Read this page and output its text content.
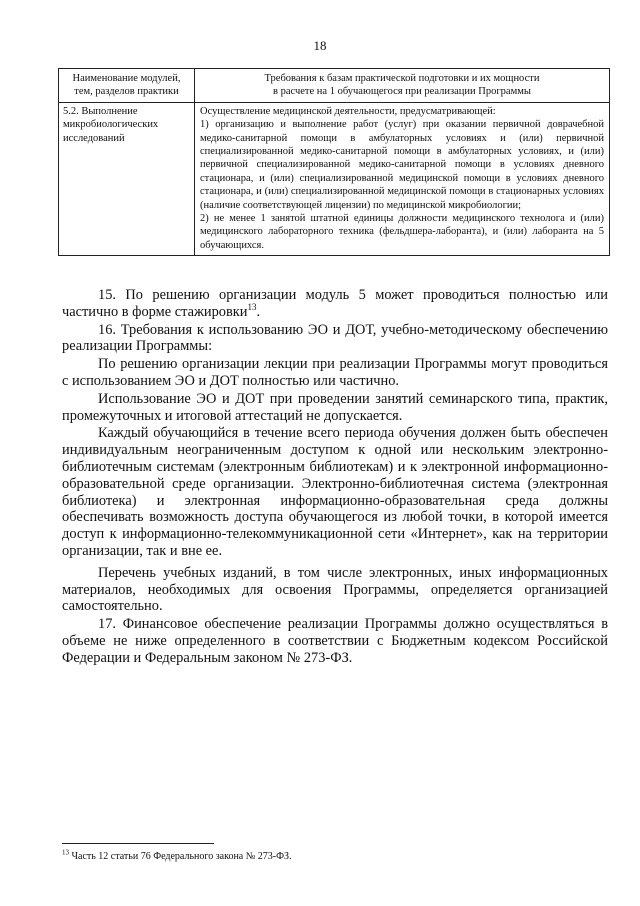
18
Наименование модулей, тем, разделов практики	Требования к базам практической подготовки и их мощности
в расчете на 1 обучающегося при реализации Программы
5.2. Выполнение микробиологических исследований	Осуществление медицинской деятельности, предусматривающей:
1) организацию и выполнение работ (услуг) при оказании первичной доврачебной медико-санитарной помощи в амбулаторных условиях и (или) первичной специализированной медико-санитарной помощи в амбулаторных условиях, и (или) первичной специализированной медико-санитарной помощи в условиях дневного стационара, и (или) специализированной медицинской помощи в условиях дневного стационара, и (или) специализированной медицинской помощи в стационарных условиях (наличие соответствующей лицензии) по медицинской микробиологии;
2) не менее 1 занятой штатной единицы должности медицинского технолога и (или) медицинского лабораторного техника (фельдшера-лаборанта), и (или) лаборанта на 5 обучающихся.

15. По решению организации модуль 5 может проводиться полностью или частично в форме стажировки$^{13}$.

16. Требования к использованию ЭО и ДОТ, учебно-методическому обеспечению реализации Программы:

По решению организации лекции при реализации Программы могут проводиться с использованием ЭО и ДОТ полностью или частично.

Использование ЭО и ДОТ при проведении занятий семинарского типа, практик, промежуточных и итоговой аттестаций не допускается.

Каждый обучающийся в течение всего периода обучения должен быть обеспечен индивидуальным неограниченным доступом к одной или нескольким электронно-библиотечным системам (электронным библиотекам) и к электронной информационно-образовательной среде организации. Электронно-библиотечная система (электронная библиотека) и электронная информационно-образовательная среда должны обеспечивать возможность доступа обучающегося из любой точки, в которой имеется доступ к информационно-телекоммуникационной сети «Интернет», как на территории организации, так и вне ее.

Перечень учебных изданий, в том числе электронных, иных информационных материалов, необходимых для освоения Программы, определяется организацией самостоятельно.

17. Финансовое обеспечение реализации Программы должно осуществляться в объеме не ниже определенного в соответствии с Бюджетным кодексом Российской Федерации и Федеральным законом № 273-ФЗ.

$^{13}$ Часть 12 статьи 76 Федерального закона № 273-ФЗ.
